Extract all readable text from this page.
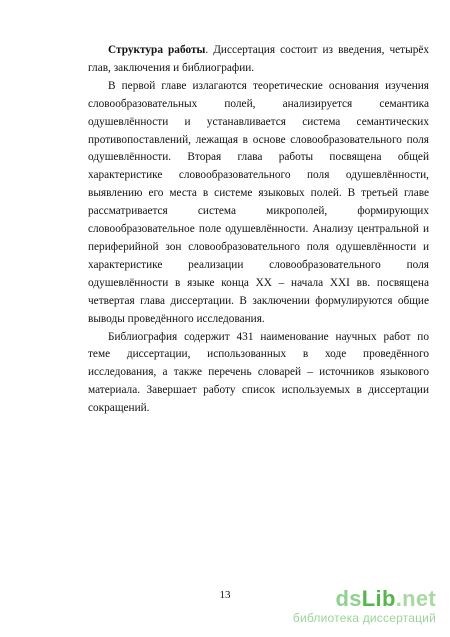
Структура работы. Диссертация состоит из введения, четырёх глав, заключения и библиографии.

В первой главе излагаются теоретические основания изучения словообразовательных полей, анализируется семантика одушевлённости и устанавливается система семантических противопоставлений, лежащая в основе словообразовательного поля одушевлённости. Вторая глава работы посвящена общей характеристике словообразовательного поля одушевлённости, выявлению его места в системе языковых полей. В третьей главе рассматривается система микрополей, формирующих словообразовательное поле одушевлённости. Анализу центральной и периферийной зон словообразовательного поля одушевлённости и характеристике реализации словообразовательного поля одушевлённости в языке конца XX – начала XXI вв. посвящена четвертая глава диссертации. В заключении формулируются общие выводы проведённого исследования.

Библиография содержит 431 наименование научных работ по теме диссертации, использованных в ходе проведённого исследования, а также перечень словарей – источников языкового материала. Завершает работу список используемых в диссертации сокращений.

13	dsLib.net
библиотека диссертаций
